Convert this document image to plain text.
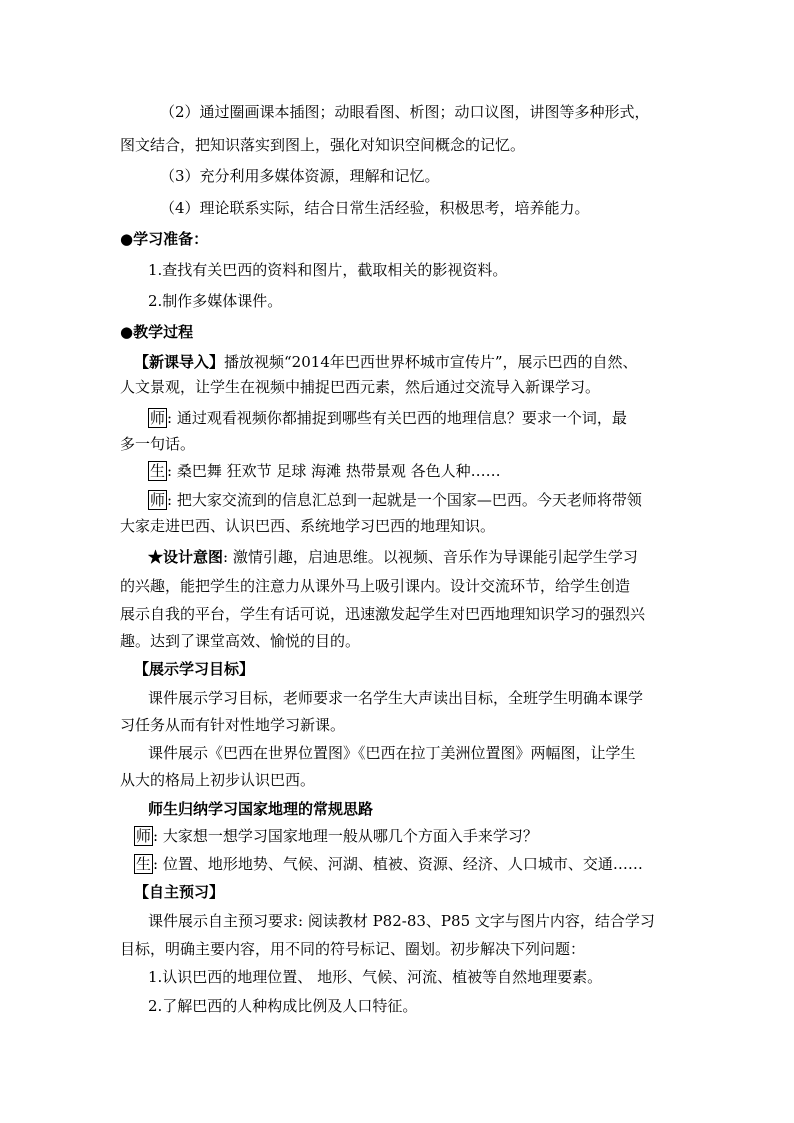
（2）通过圈画课本插图；动眼看图、析图；动口议图，讲图等多种形式，
图文结合，把知识落实到图上，强化对知识空间概念的记忆。
（3）充分利用多媒体资源，理解和记忆。
（4）理论联系实际，结合日常生活经验，积极思考，培养能力。
●学习准备：
1.查找有关巴西的资料和图片，截取相关的影视资料。
2.制作多媒体课件。
●教学过程
【新课导入】播放视频“2014年巴西世界杯城市宣传片”，展示巴西的自然、
人文景观，让学生在视频中捕捉巴西元素，然后通过交流导入新课学习。
师 : 通过观看视频你都捕捉到哪些有关巴西的地理信息？要求一个词，最
多一句话。
生 : 桑巴舞 狂欢节 足球 海滩 热带景观 各色人种……
师 : 把大家交流到的信息汇总到一起就是一个国家—巴西。今天老师将带领
大家走进巴西、认识巴西、系统地学习巴西的地理知识。
★设计意图: 激情引趣，启迪思维。以视频、音乐作为导课能引起学生学习
的兴趣，能把学生的注意力从课外马上吸引课内。设计交流环节，给学生创造
展示自我的平台，学生有话可说，迅速激发起学生对巴西地理知识学习的强烈兴
趣。达到了课堂高效、愉悦的目的。
【展示学习目标】
课件展示学习目标，老师要求一名学生大声读出目标，全班学生明确本课学
习任务从而有针对性地学习新课。
课件展示《巴西在世界位置图》《巴西在拉丁美洲位置图》两幅图，让学生
从大的格局上初步认识巴西。
师生归纳学习国家地理的常规思路
师 : 大家想一想学习国家地理一般从哪几个方面入手来学习？
生 : 位置、地形地势、气候、河湖、植被、资源、经济、人口城市、交通……
【自主预习】
课件展示自主预习要求: 阅读教材 P82-83、P85 文字与图片内容，结合学习
目标，明确主要内容，用不同的符号标记、圈划。初步解决下列问题：
1.认识巴西的地理位置、 地形、气候、河流、植被等自然地理要素。
2.了解巴西的人种构成比例及人口特征。
